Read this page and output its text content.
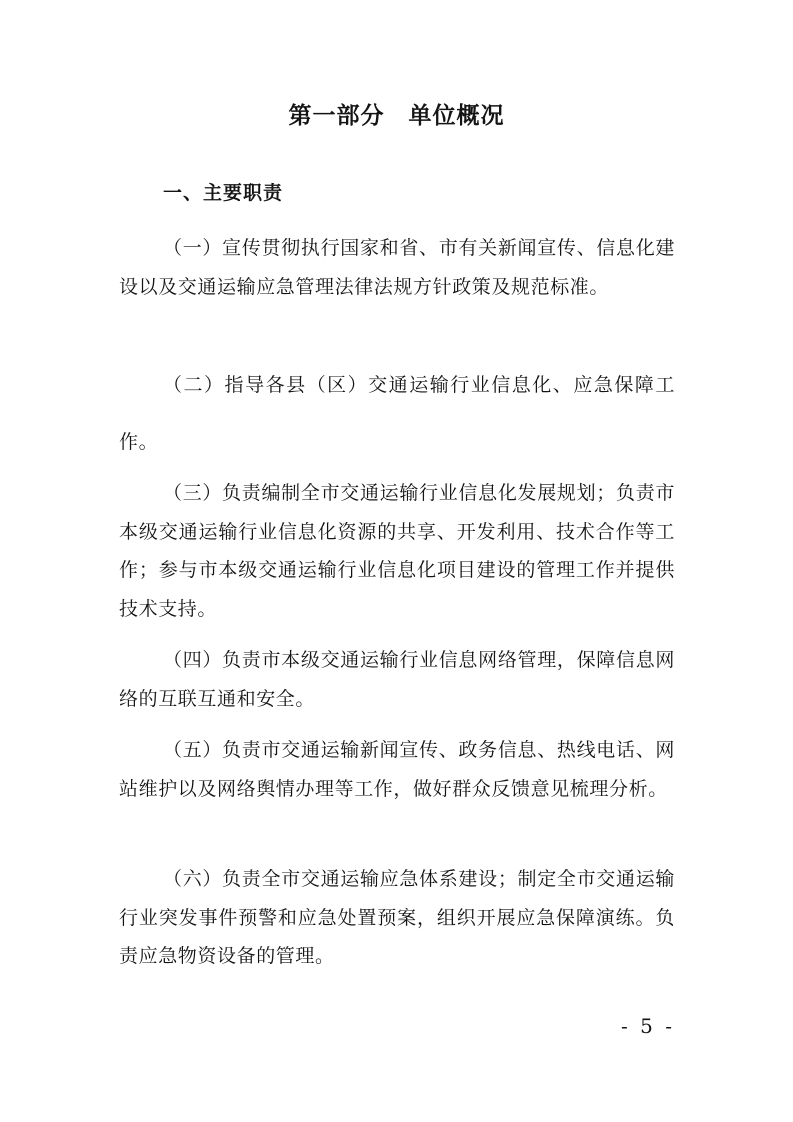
第一部分　单位概况
一、主要职责

（一）宣传贯彻执行国家和省、市有关新闻宣传、信息化建设以及交通运输应急管理法律法规方针政策及规范标准。

（二）指导各县（区）交通运输行业信息化、应急保障工作。

（三）负责编制全市交通运输行业信息化发展规划；负责市本级交通运输行业信息化资源的共享、开发利用、技术合作等工作；参与市本级交通运输行业信息化项目建设的管理工作并提供技术支持。

（四）负责市本级交通运输行业信息网络管理，保障信息网络的互联互通和安全。

（五）负责市交通运输新闻宣传、政务信息、热线电话、网站维护以及网络舆情办理等工作，做好群众反馈意见梳理分析。

（六）负责全市交通运输应急体系建设；制定全市交通运输行业突发事件预警和应急处置预案，组织开展应急保障演练。负责应急物资设备的管理。

- 5 -
